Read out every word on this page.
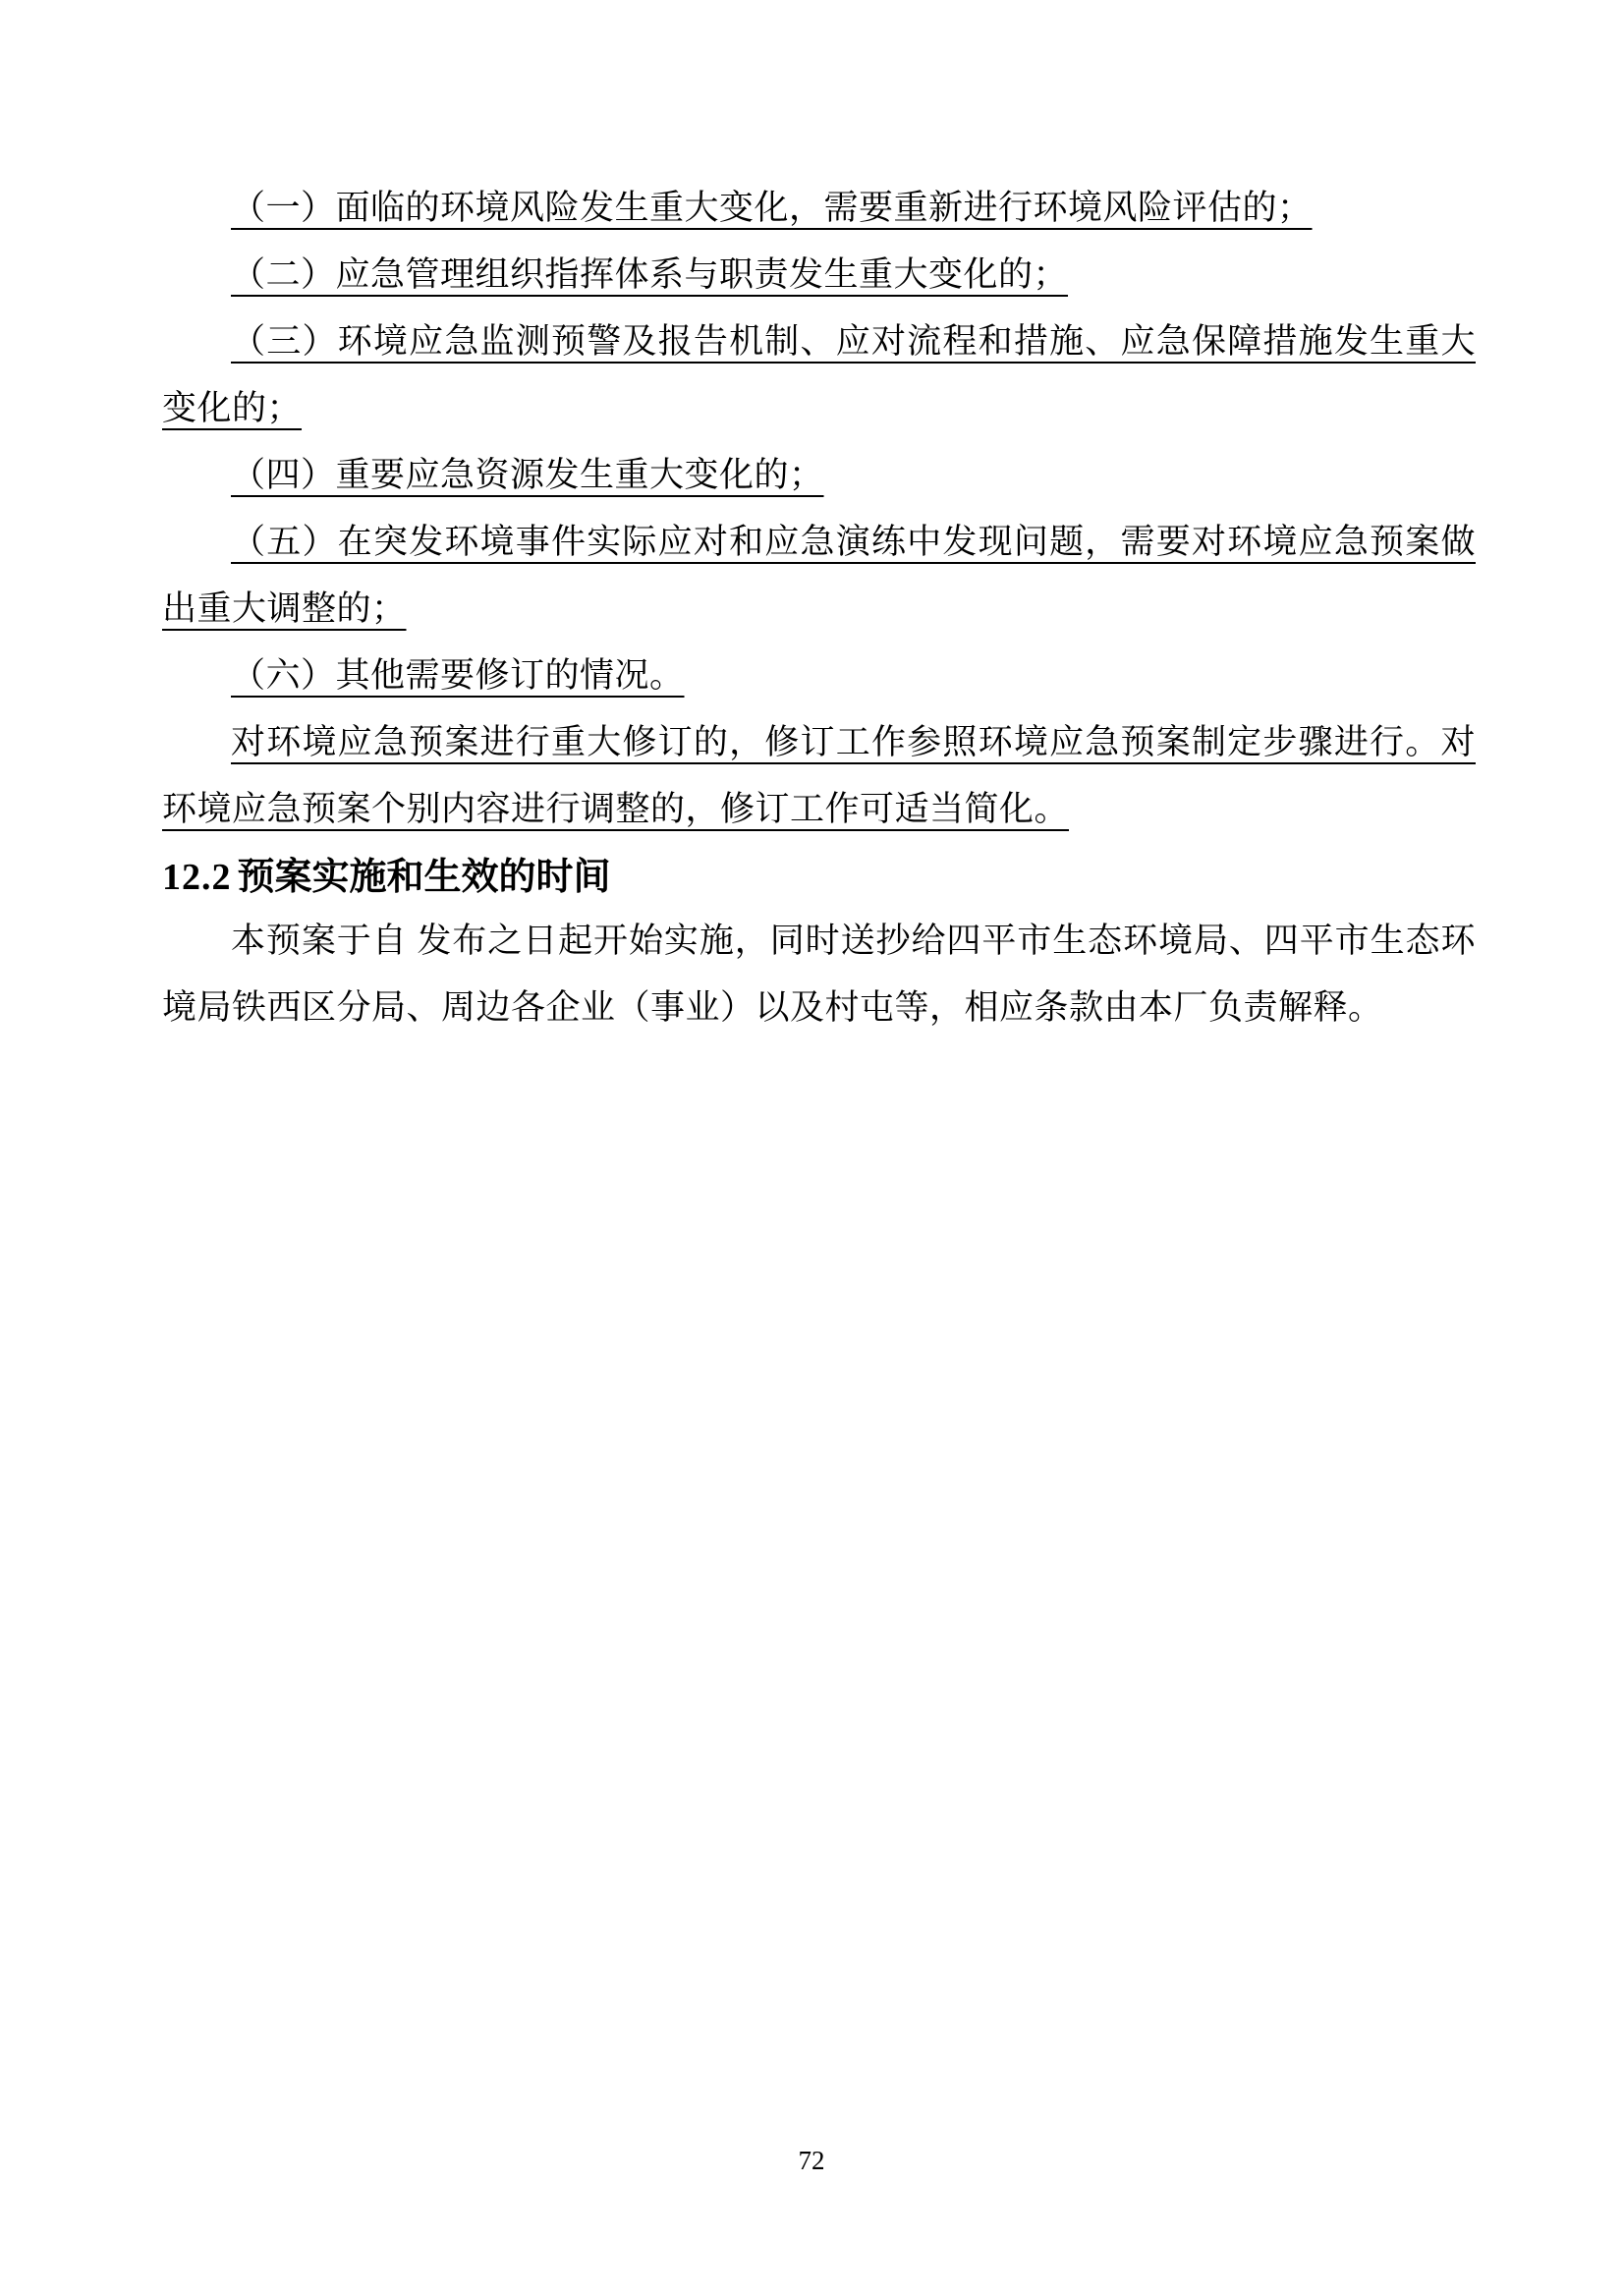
（一）面临的环境风险发生重大变化，需要重新进行环境风险评估的；

（二）应急管理组织指挥体系与职责发生重大变化的；

（三）环境应急监测预警及报告机制、应对流程和措施、应急保障措施发生重大变化的；

（四）重要应急资源发生重大变化的；

（五）在突发环境事件实际应对和应急演练中发现问题，需要对环境应急预案做出重大调整的；

（六）其他需要修订的情况。

对环境应急预案进行重大修订的，修订工作参照环境应急预案制定步骤进行。对环境应急预案个别内容进行调整的，修订工作可适当简化。

12.2 预案实施和生效的时间

本预案于自 发布之日起开始实施，同时送抄给四平市生态环境局、四平市生态环境局铁西区分局、周边各企业（事业）以及村屯等，相应条款由本厂负责解释。

72
